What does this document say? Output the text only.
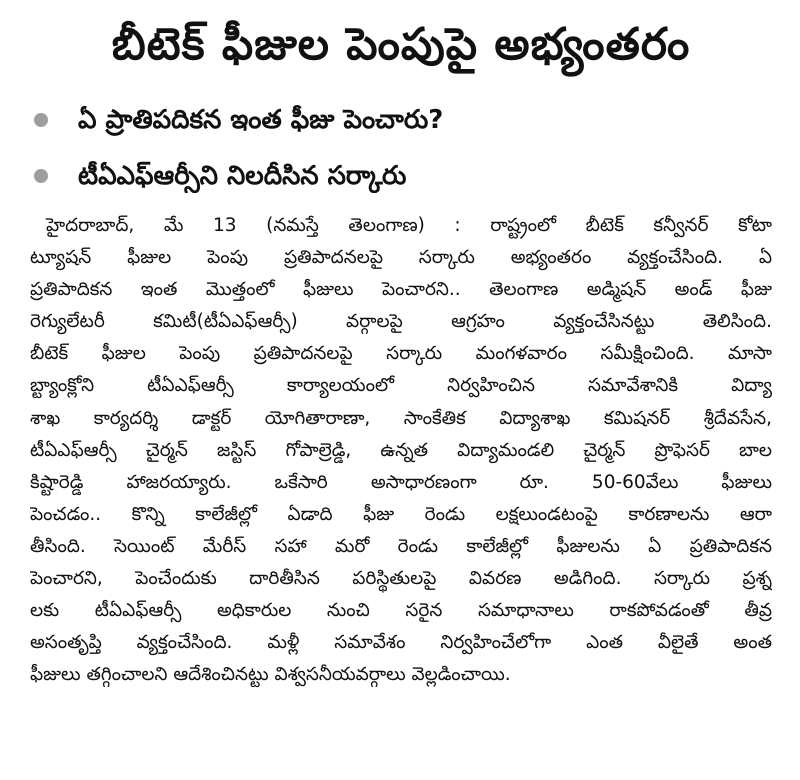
బీటెక్ ఫీజుల పెంపుపై అభ్యంతరం
ఏ ప్రాతిపదికన ఇంత ఫీజు పెంచారు?
టీఏఎఫ్ఆర్సీని నిలదీసిన సర్కారు
హైదరాబాద్, మే 13 (నమస్తే తెలంగాణ) : రాష్ట్రంలో బీటెక్ కన్వీనర్ కోటా
ట్యూషన్ ఫీజుల పెంపు ప్రతిపాదనలపై సర్కారు అభ్యంతరం వ్యక్తంచేసింది. ఏ
ప్రతిపాదికన ఇంత మొత్తంలో ఫీజులు పెంచారని.. తెలంగాణ అడ్మిషన్ అండ్ ఫీజు
రెగ్యులేటరీ కమిటీ(టీఏఎఫ్ఆర్సీ) వర్గాలపై ఆగ్రహం వ్యక్తంచేసినట్టు తెలిసింది.
బీటెక్ ఫీజుల పెంపు ప్రతిపాదనలపై సర్కారు మంగళవారం సమీక్షించింది. మాసా
బ్ట్యాంక్లోని టీఏఎఫ్ఆర్సీ కార్యాలయంలో నిర్వహించిన సమావేశానికి విద్యా
శాఖ కార్యదర్శి డాక్టర్ యోగితారాణా, సాంకేతిక విద్యాశాఖ కమిషనర్ శ్రీదేవసేన,
టీఏఎఫ్ఆర్సీ చైర్మన్ జస్టిస్ గోపాల్రెడ్డి, ఉన్నత విద్యామండలి చైర్మన్ ప్రొఫెసర్ బాల
కిష్టారెడ్డి హాజరయ్యారు. ఒకేసారి అసాధారణంగా రూ. 50-60వేలు ఫీజులు
పెంచడం.. కొన్ని కాలేజీల్లో ఏడాది ఫీజు రెండు లక్షలుండటంపై కారణాలను ఆరా
తీసింది. సెయింట్ మేరీస్ సహా మరో రెండు కాలేజీల్లో ఫీజులను ఏ ప్రతిపాదికన
పెంచారని, పెంచేందుకు దారితీసిన పరిస్థితులపై వివరణ అడిగింది. సర్కారు ప్రశ్న
లకు టీఏఎఫ్ఆర్సీ అధికారుల నుంచి సరైన సమాధానాలు రాకపోవడంతో తీవ్ర
అసంతృప్తి వ్యక్తంచేసింది. మళ్లీ సమావేశం నిర్వహించేలోగా ఎంత వీలైతే అంత
ఫీజులు తగ్గించాలని ఆదేశించినట్టు విశ్వసనీయవర్గాలు వెల్లడించాయి.
